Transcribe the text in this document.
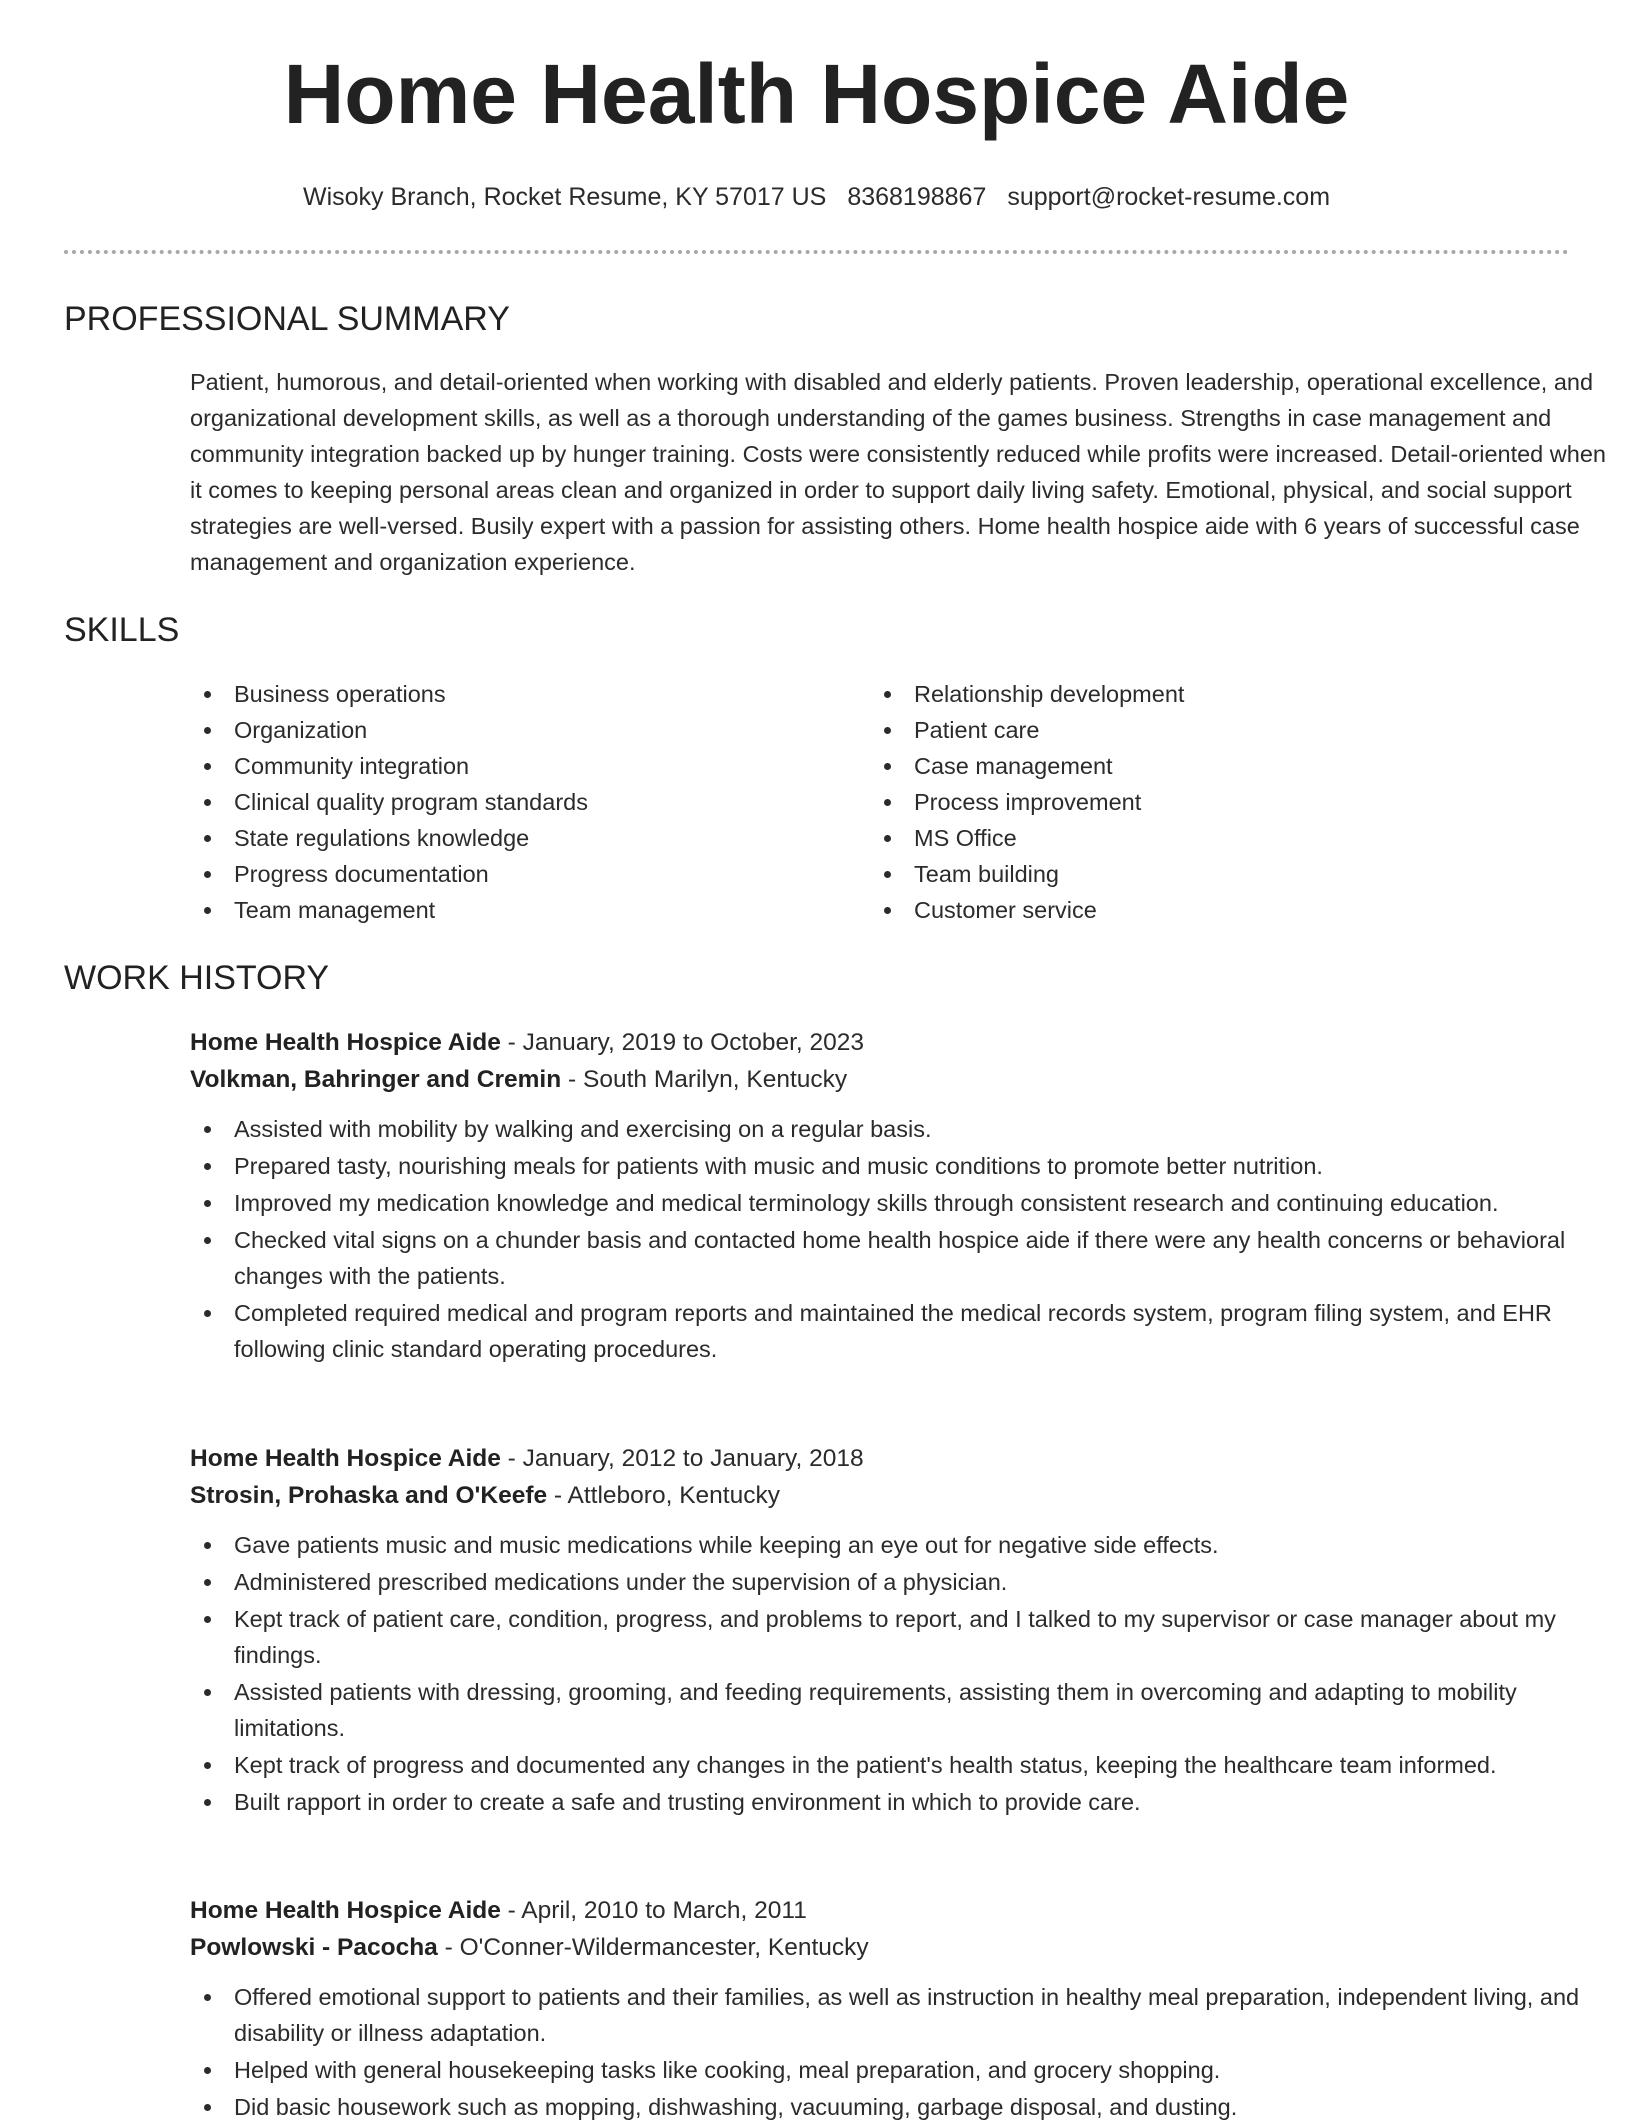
Home Health Hospice Aide
Wisoky Branch, Rocket Resume, KY 57017 US 8368198867 support@rocket-resume.com
PROFESSIONAL SUMMARY

Patient, humorous, and detail-oriented when working with disabled and elderly patients. Proven leadership, operational excellence, and organizational development skills, as well as a thorough understanding of the games business. Strengths in case management and community integration backed up by hunger training. Costs were consistently reduced while profits were increased. Detail-oriented when it comes to keeping personal areas clean and organized in order to support daily living safety. Emotional, physical, and social support strategies are well-versed. Busily expert with a passion for assisting others. Home health hospice aide with 6 years of successful case management and organization experience.

SKILLS
Business operations
Organization
Community integration
Clinical quality program standards
State regulations knowledge
Progress documentation
Team management
Relationship development
Patient care
Case management
Process improvement
MS Office
Team building
Customer service
WORK HISTORY

Home Health Hospice Aide - January, 2019 to October, 2023

Volkman, Bahringer and Cremin - South Marilyn, Kentucky

Assisted with mobility by walking and exercising on a regular basis.
Prepared tasty, nourishing meals for patients with music and music conditions to promote better nutrition.
Improved my medication knowledge and medical terminology skills through consistent research and continuing education.
Checked vital signs on a chunder basis and contacted home health hospice aide if there were any health concerns or behavioral changes with the patients.
Completed required medical and program reports and maintained the medical records system, program filing system, and EHR following clinic standard operating procedures.

Home Health Hospice Aide - January, 2012 to January, 2018

Strosin, Prohaska and O'Keefe - Attleboro, Kentucky

Gave patients music and music medications while keeping an eye out for negative side effects.
Administered prescribed medications under the supervision of a physician.
Kept track of patient care, condition, progress, and problems to report, and I talked to my supervisor or case manager about my findings.
Assisted patients with dressing, grooming, and feeding requirements, assisting them in overcoming and adapting to mobility limitations.
Kept track of progress and documented any changes in the patient's health status, keeping the healthcare team informed.
Built rapport in order to create a safe and trusting environment in which to provide care.

Home Health Hospice Aide - April, 2010 to March, 2011

Powlowski - Pacocha - O'Conner-Wildermancester, Kentucky

Offered emotional support to patients and their families, as well as instruction in healthy meal preparation, independent living, and disability or illness adaptation.
Helped with general housekeeping tasks like cooking, meal preparation, and grocery shopping.
Did basic housework such as mopping, dishwashing, vacuuming, garbage disposal, and dusting.
